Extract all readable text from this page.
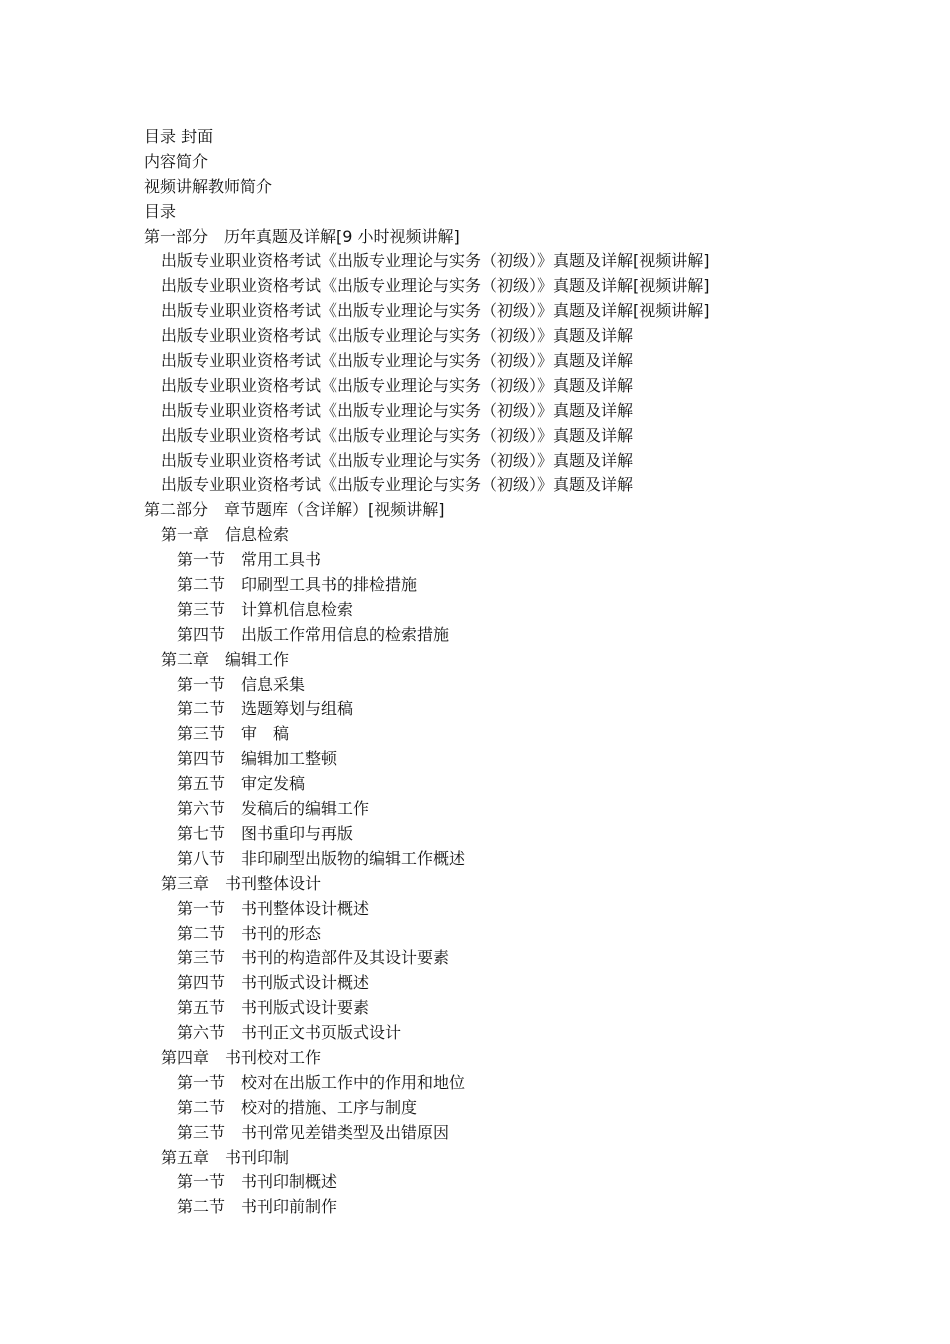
目录 封面
内容简介
视频讲解教师简介
目录
第一部分　历年真题及详解[9 小时视频讲解]
出版专业职业资格考试《出版专业理论与实务（初级）》真题及详解[视频讲解]
出版专业职业资格考试《出版专业理论与实务（初级）》真题及详解[视频讲解]
出版专业职业资格考试《出版专业理论与实务（初级）》真题及详解[视频讲解]
出版专业职业资格考试《出版专业理论与实务（初级）》真题及详解
出版专业职业资格考试《出版专业理论与实务（初级）》真题及详解
出版专业职业资格考试《出版专业理论与实务（初级）》真题及详解
出版专业职业资格考试《出版专业理论与实务（初级）》真题及详解
出版专业职业资格考试《出版专业理论与实务（初级）》真题及详解
出版专业职业资格考试《出版专业理论与实务（初级）》真题及详解
出版专业职业资格考试《出版专业理论与实务（初级）》真题及详解
第二部分　章节题库（含详解）[视频讲解]
第一章　信息检索
第一节　常用工具书
第二节　印刷型工具书的排检措施
第三节　计算机信息检索
第四节　出版工作常用信息的检索措施
第二章　编辑工作
第一节　信息采集
第二节　选题筹划与组稿
第三节　审　稿
第四节　编辑加工整顿
第五节　审定发稿
第六节　发稿后的编辑工作
第七节　图书重印与再版
第八节　非印刷型出版物的编辑工作概述
第三章　书刊整体设计
第一节　书刊整体设计概述
第二节　书刊的形态
第三节　书刊的构造部件及其设计要素
第四节　书刊版式设计概述
第五节　书刊版式设计要素
第六节　书刊正文书页版式设计
第四章　书刊校对工作
第一节　校对在出版工作中的作用和地位
第二节　校对的措施、工序与制度
第三节　书刊常见差错类型及出错原因
第五章　书刊印制
第一节　书刊印制概述
第二节　书刊印前制作
